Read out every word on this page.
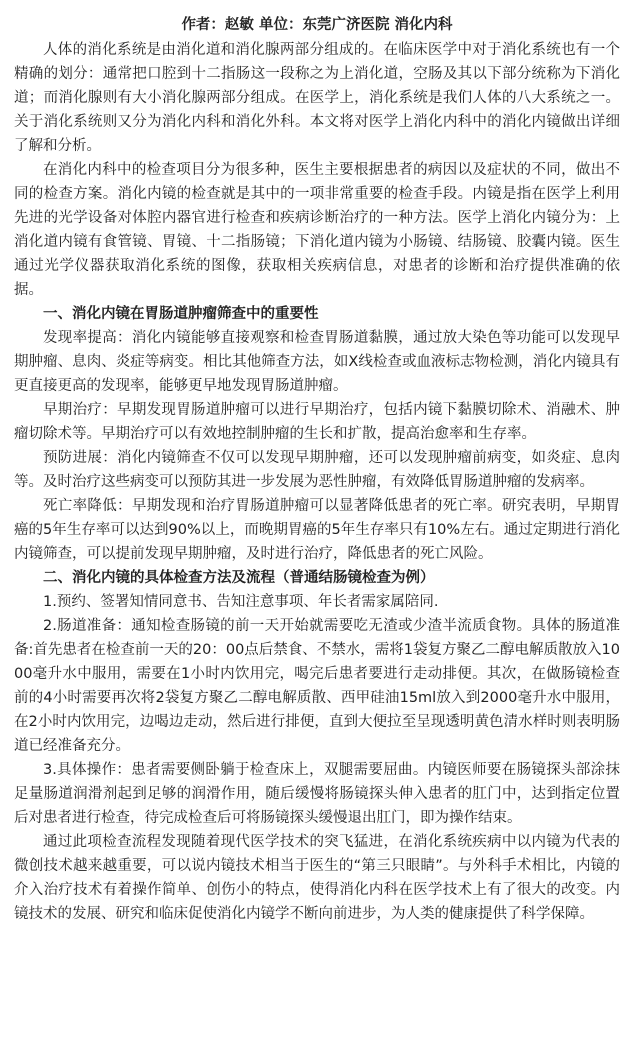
作者：赵敏 单位：东莞广济医院 消化内科

人体的消化系统是由消化道和消化腺两部分组成的。在临床医学中对于消化系统也有一个精确的划分：通常把口腔到十二指肠这一段称之为上消化道，空肠及其以下部分统称为下消化道；而消化腺则有大小消化腺两部分组成。在医学上，消化系统是我们人体的八大系统之一。关于消化系统则又分为消化内科和消化外科。本文将对医学上消化内科中的消化内镜做出详细了解和分析。

在消化内科中的检查项目分为很多种，医生主要根据患者的病因以及症状的不同，做出不同的检查方案。消化内镜的检查就是其中的一项非常重要的检查手段。内镜是指在医学上利用先进的光学设备对体腔内器官进行检查和疾病诊断治疗的一种方法。医学上消化内镜分为：上消化道内镜有食管镜、胃镜、十二指肠镜；下消化道内镜为小肠镜、结肠镜、胶囊内镜。医生通过光学仪器获取消化系统的图像，获取相关疾病信息，对患者的诊断和治疗提供准确的依据。

一、消化内镜在胃肠道肿瘤筛查中的重要性

发现率提高：消化内镜能够直接观察和检查胃肠道黏膜，通过放大染色等功能可以发现早期肿瘤、息肉、炎症等病变。相比其他筛查方法，如X线检查或血液标志物检测，消化内镜具有更直接更高的发现率，能够更早地发现胃肠道肿瘤。

早期治疗：早期发现胃肠道肿瘤可以进行早期治疗，包括内镜下黏膜切除术、消融术、肿瘤切除术等。早期治疗可以有效地控制肿瘤的生长和扩散，提高治愈率和生存率。

预防进展：消化内镜筛查不仅可以发现早期肿瘤，还可以发现肿瘤前病变，如炎症、息肉等。及时治疗这些病变可以预防其进一步发展为恶性肿瘤，有效降低胃肠道肿瘤的发病率。

死亡率降低：早期发现和治疗胃肠道肿瘤可以显著降低患者的死亡率。研究表明，早期胃癌的5年生存率可以达到90%以上，而晚期胃癌的5年生存率只有10%左右。通过定期进行消化内镜筛查，可以提前发现早期肿瘤，及时进行治疗，降低患者的死亡风险。

二、消化内镜的具体检查方法及流程（普通结肠镜检查为例）

1.预约、签署知情同意书、告知注意事项、年长者需家属陪同.

2.肠道准备：通知检查肠镜的前一天开始就需要吃无渣或少渣半流质食物。具体的肠道准备:首先患者在检查前一天的20：00点后禁食、不禁水，需将1袋复方聚乙二醇电解质散放入1000毫升水中服用，需要在1小时内饮用完，喝完后患者要进行走动排便。其次，在做肠镜检查前的4小时需要再次将2袋复方聚乙二醇电解质散、西甲硅油15ml放入到2000毫升水中服用，在2小时内饮用完，边喝边走动，然后进行排便，直到大便拉至呈现透明黄色清水样时则表明肠道已经准备充分。

3.具体操作：患者需要侧卧躺于检查床上，双腿需要屈曲。内镜医师要在肠镜探头部涂抹足量肠道润滑剂起到足够的润滑作用，随后缓慢将肠镜探头伸入患者的肛门中，达到指定位置后对患者进行检查，待完成检查后可将肠镜探头缓慢退出肛门，即为操作结束。

通过此项检查流程发现随着现代医学技术的突飞猛进，在消化系统疾病中以内镜为代表的微创技术越来越重要，可以说内镜技术相当于医生的“第三只眼睛”。与外科手术相比，内镜的介入治疗技术有着操作简单、创伤小的特点，使得消化内科在医学技术上有了很大的改变。内镜技术的发展、研究和临床促使消化内镜学不断向前进步，为人类的健康提供了科学保障。
